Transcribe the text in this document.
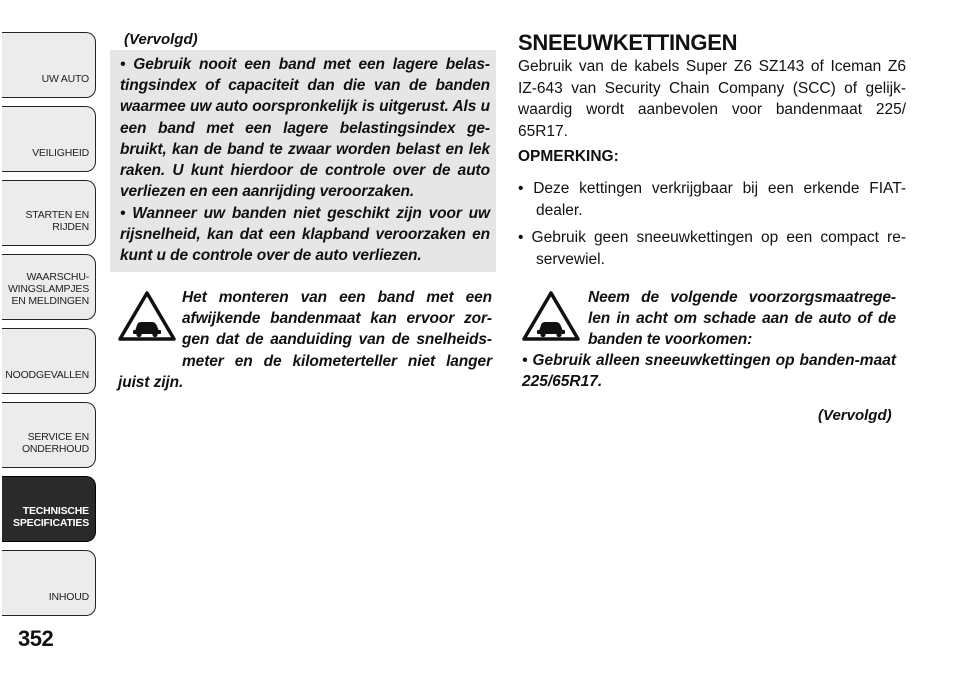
UW AUTO
VEILIGHEID
STARTEN EN
RIJDEN
WAARSCHU-
WINGSLAMPJES
EN MELDINGEN
NOODGEVALLEN
SERVICE EN
ONDERHOUD
TECHNISCHE
SPECIFICATIES
INHOUD
352
(Vervolgd)

• Gebruik nooit een band met een lagere belas-tingsindex of capaciteit dan die van de banden waarmee uw auto oorspronkelijk is uitgerust. Als u een band met een lagere belastingsindex ge-bruikt, kan de band te zwaar worden belast en lek raken. U kunt hierdoor de controle over de auto verliezen en een aanrijding veroorzaken.

• Wanneer uw banden niet geschikt zijn voor uw rijsnelheid, kan dat een klapband veroorzaken en kunt u de controle over de auto verliezen.

Het monteren van een band met een afwijkende bandenmaat kan ervoor zor-gen dat de aanduiding van de snelheids-meter en de kilometerteller niet langer juist zijn.

SNEEUWKETTINGEN

Gebruik van de kabels Super Z6 SZ143 of Iceman Z6 IZ-643 van Security Chain Company (SCC) of gelijk-waardig wordt aanbevolen voor bandenmaat 225/ 65R17.

OPMERKING:

• Deze kettingen verkrijgbaar bij een erkende FIAT-dealer.

• Gebruik geen sneeuwkettingen op een compact re-servewiel.

Neem de volgende voorzorgsmaatrege-len in acht om schade aan de auto of de banden te voorkomen:

• Gebruik alleen sneeuwkettingen op banden-maat 225/65R17.

(Vervolgd)
